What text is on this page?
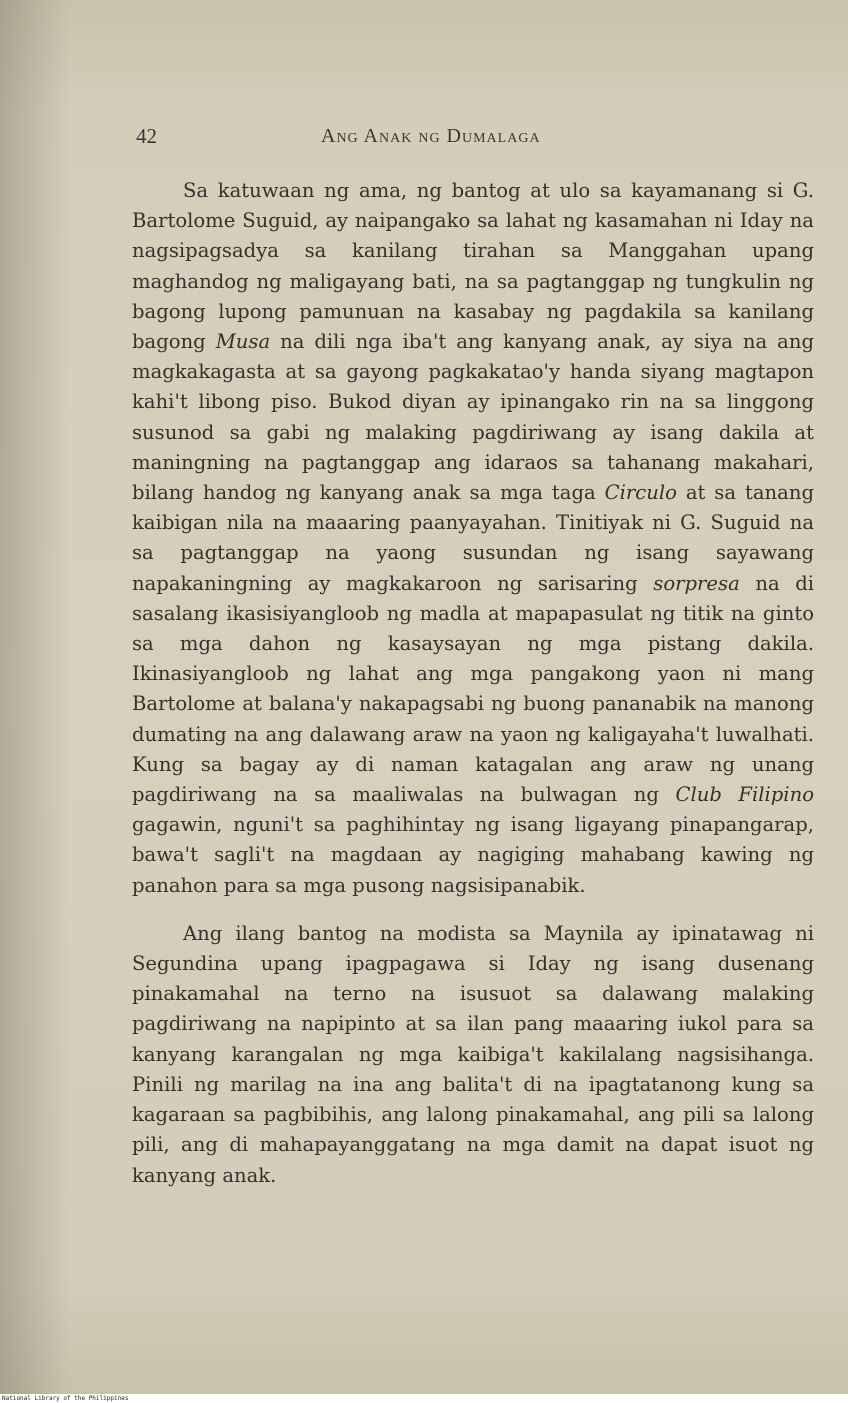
42	Ang Anak ng Dumalaga

Sa katuwaan ng ama, ng bantog at ulo sa kayamanang si G. Bartolome Suguid, ay naipangako sa lahat ng kasamahan ni Iday na nagsipagsadya sa kanilang tirahan sa Manggahan upang maghandog ng maligayang bati, na sa pagtanggap ng tungkulin ng bagong lupong pamunuan na kasabay ng pagdakila sa kanilang bagong Musa na dili nga iba't ang kanyang anak, ay siya na ang magkakagasta at sa gayong pagkakatao'y handa siyang magtapon kahi't libong piso. Bukod diyan ay ipinangako rin na sa linggong susunod sa gabi ng malaking pagdiriwang ay isang dakila at maningning na pagtanggap ang idaraos sa tahanang makahari, bilang handog ng kanyang anak sa mga taga Circulo at sa tanang kaibigan nila na maaaring paanyayahan. Tinitiyak ni G. Suguid na sa pagtanggap na yaong susundan ng isang sayawang napakaningning ay magkakaroon ng sarisaring sorpresa na di sasalang ikasisiyangloob ng madla at mapapasulat ng titik na ginto sa mga dahon ng kasaysayan ng mga pistang dakila. Ikinasiyangloob ng lahat ang mga pangakong yaon ni mang Bartolome at balana'y nakapagsabi ng buong pananabik na manong dumating na ang dalawang araw na yaon ng kaligayaha't luwalhati. Kung sa bagay ay di naman katagalan ang araw ng unang pagdiriwang na sa maaliwalas na bulwagan ng Club Filipino gagawin, nguni't sa paghihintay ng isang ligayang pinapangarap, bawa't sagli't na magdaan ay nagiging mahabang kawing ng panahon para sa mga pusong nagsisipanabik.

Ang ilang bantog na modista sa Maynila ay ipinatawag ni Segundina upang ipagpagawa si Iday ng isang dusenang pinakamahal na terno na isusuot sa dalawang malaking pagdiriwang na napipinto at sa ilan pang maaaring iukol para sa kanyang karangalan ng mga kaibiga't kakilalang nagsisihanga. Pinili ng marilag na ina ang balita't di na ipagtatanong kung sa kagaraan sa pagbibihis, ang lalong pinakamahal, ang pili sa lalong pili, ang di mahapayanggatang na mga damit na dapat isuot ng kanyang anak.

National Library of the Philippines
